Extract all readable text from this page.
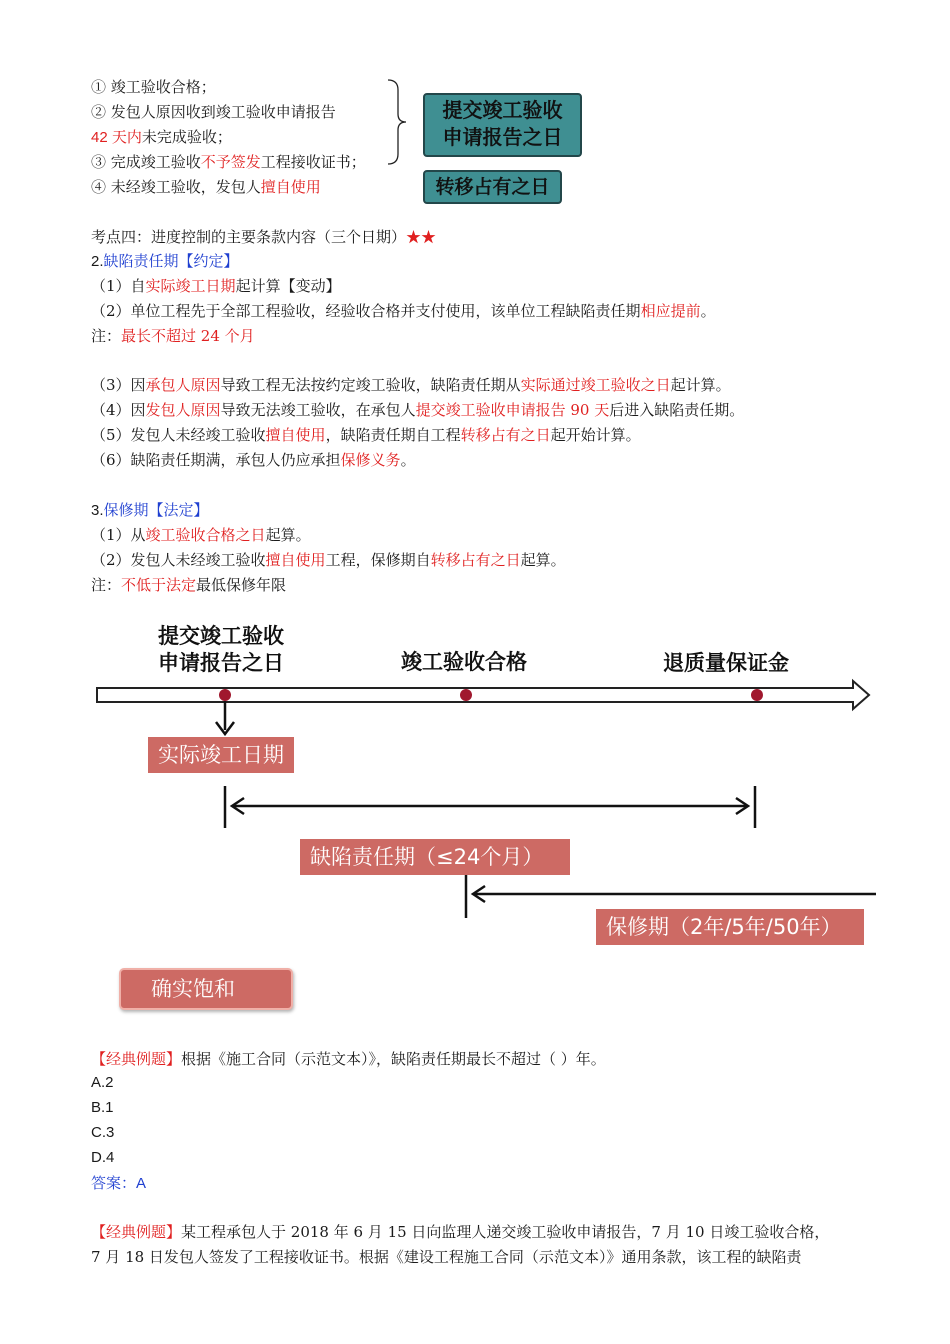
① 竣工验收合格；
② 发包人原因收到竣工验收申请报告
42 天内未完成验收；
③ 完成竣工验收不予签发工程接收证书；
④ 未经竣工验收，发包人擅自使用
提交竣工验收
申请报告之日
转移占有之日
考点四：进度控制的主要条款内容（三个日期）★★
2.缺陷责任期【约定】
（1）自实际竣工日期起计算【变动】
（2）单位工程先于全部工程验收，经验收合格并支付使用，该单位工程缺陷责任期相应提前。
注：最长不超过 24 个月
（3）因承包人原因导致工程无法按约定竣工验收，缺陷责任期从实际通过竣工验收之日起计算。
（4）因发包人原因导致无法竣工验收，在承包人提交竣工验收申请报告 90 天后进入缺陷责任期。
（5）发包人未经竣工验收擅自使用，缺陷责任期自工程转移占有之日起开始计算。
（6）缺陷责任期满，承包人仍应承担保修义务。
3.保修期【法定】
（1）从竣工验收合格之日起算。
（2）发包人未经竣工验收擅自使用工程，保修期自转移占有之日起算。
注：不低于法定最低保修年限
提交竣工验收
申请报告之日	竣工验收合格	退质量保证金
实际竣工日期
缺陷责任期（≤24个月）
保修期（2年/5年/50年）
确实饱和
【经典例题】根据《施工合同（示范文本）》，缺陷责任期最长不超过（ ）年。
A.2
B.1
C.3
D.4
答案：A
【经典例题】某工程承包人于 2018 年 6 月 15 日向监理人递交竣工验收申请报告，7 月 10 日竣工验收合格，
7 月 18 日发包人签发了工程接收证书。根据《建设工程施工合同（示范文本）》通用条款，该工程的缺陷责
